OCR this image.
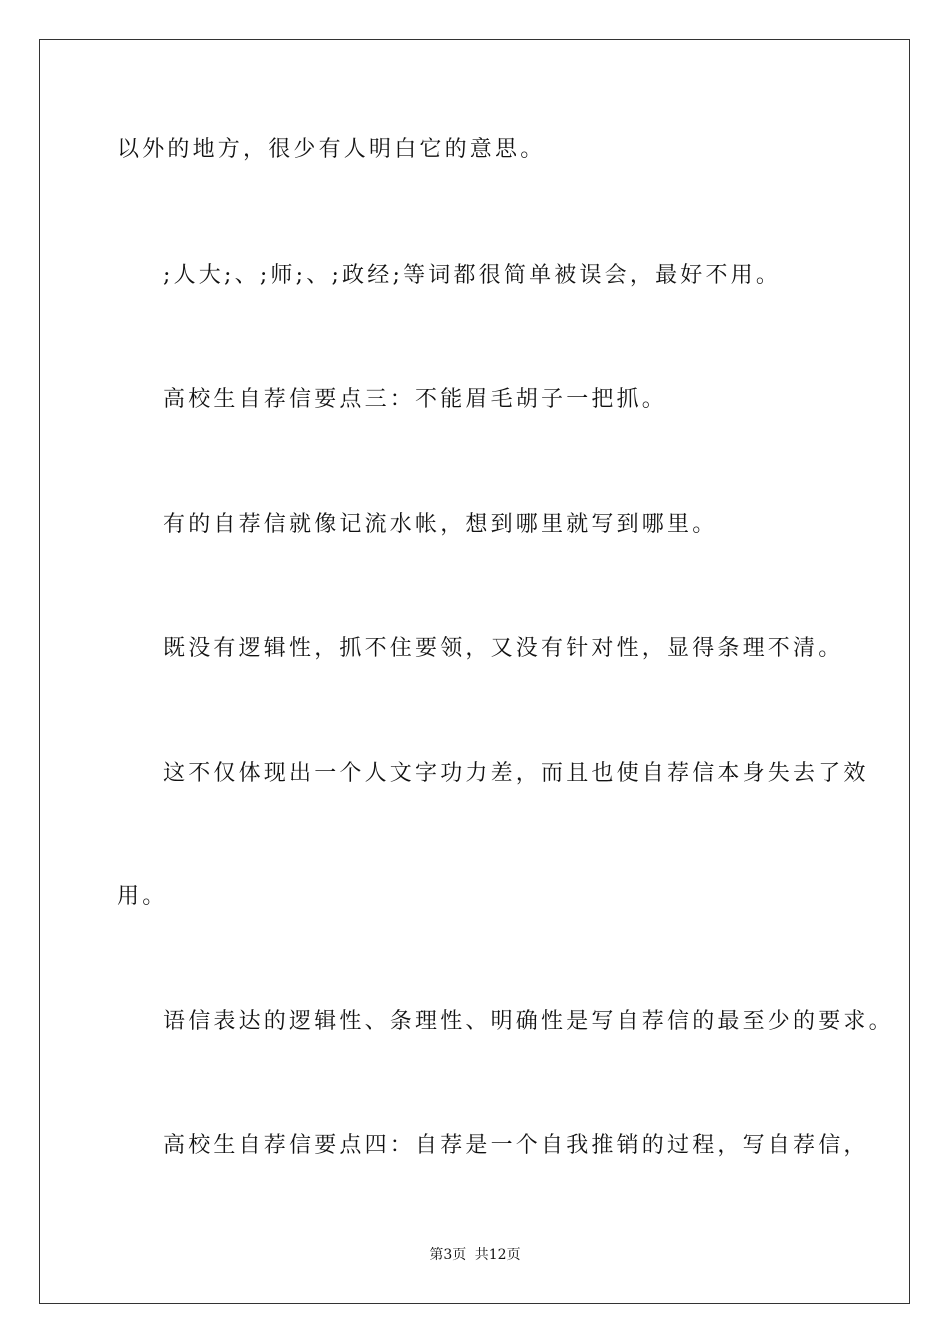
以外的地方，很少有人明白它的意思。
;人大;、;师;、;政经;等词都很简单被误会，最好不用。
高校生自荐信要点三：不能眉毛胡子一把抓。
有的自荐信就像记流水帐，想到哪里就写到哪里。
既没有逻辑性，抓不住要领，又没有针对性，显得条理不清。
这不仅体现出一个人文字功力差，而且也使自荐信本身失去了效
用。
语信表达的逻辑性、条理性、明确性是写自荐信的最至少的要求。
高校生自荐信要点四：自荐是一个自我推销的过程，写自荐信，
第3页 共12页
